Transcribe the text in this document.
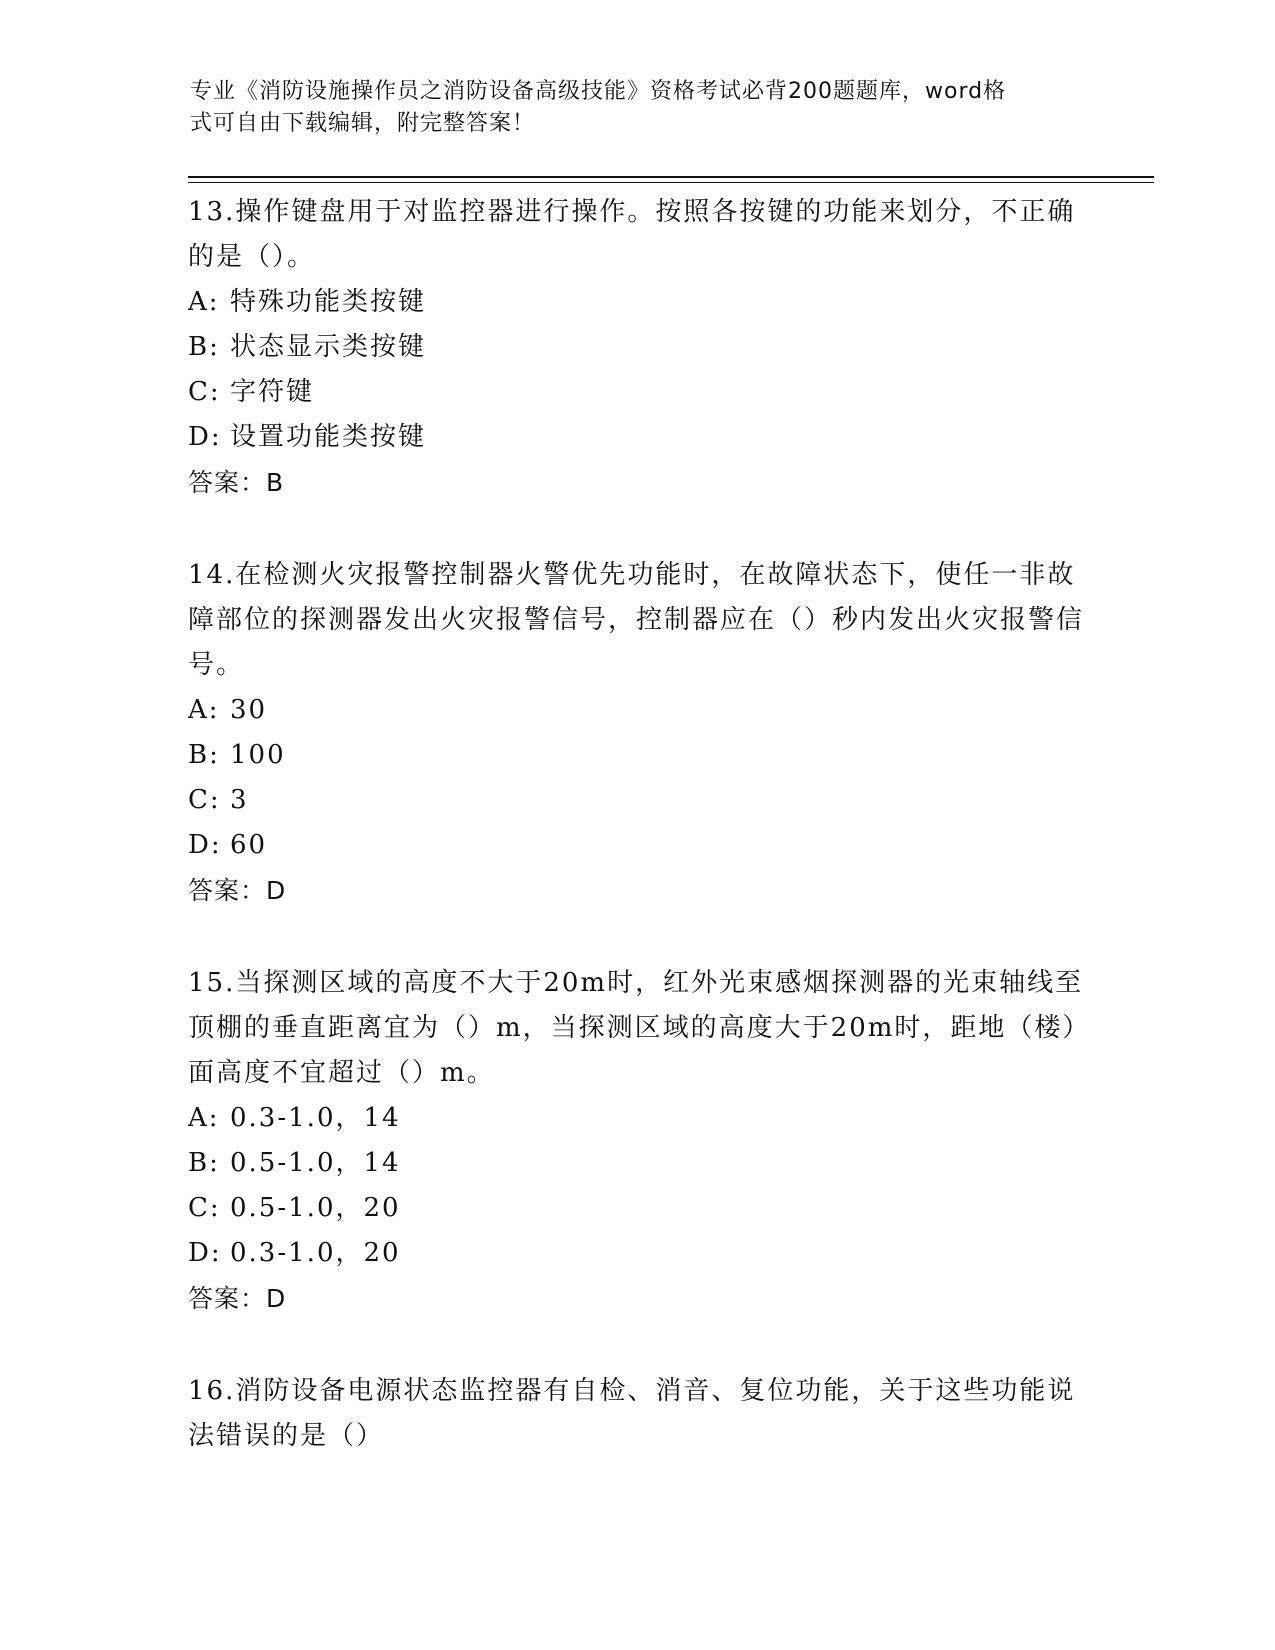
专业《消防设施操作员之消防设备高级技能》资格考试必背200题题库，word格
式可自由下载编辑，附完整答案！
13.操作键盘用于对监控器进行操作。按照各按键的功能来划分，不正确的是（）。
A: 特殊功能类按键
B: 状态显示类按键
C: 字符键
D: 设置功能类按键
答案：B
14.在检测火灾报警控制器火警优先功能时，在故障状态下，使任一非故障部位的探测器发出火灾报警信号，控制器应在（）秒内发出火灾报警信号。
A: 30
B: 100
C: 3
D: 60
答案：D
15.当探测区域的高度不大于20m时，红外光束感烟探测器的光束轴线至顶棚的垂直距离宜为（）m，当探测区域的高度大于20m时，距地（楼）面高度不宜超过（）m。
A: 0.3-1.0，14
B: 0.5-1.0，14
C: 0.5-1.0，20
D: 0.3-1.0，20
答案：D
16.消防设备电源状态监控器有自检、消音、复位功能，关于这些功能说法错误的是（）
